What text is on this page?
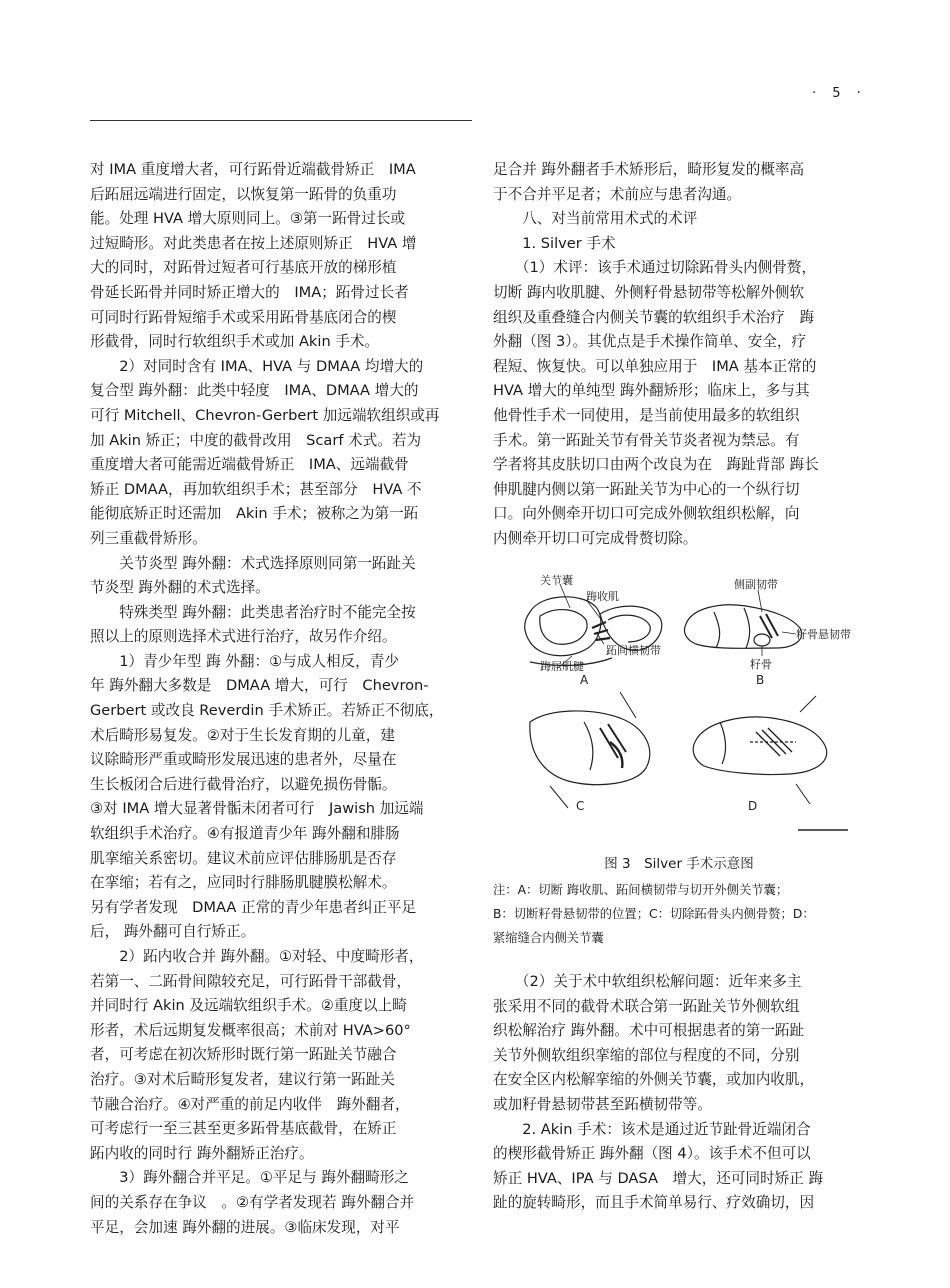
· 5 ·
对 IMA 重度增大者，可行跖骨近端截骨矫正　IMA
后跖屈远端进行固定，以恢复第一跖骨的负重功
能。处理 HVA 增大原则同上。③第一跖骨过长或
过短畸形。对此类患者在按上述原则矫正　HVA 增
大的同时，对跖骨过短者可行基底开放的梯形植
骨延长跖骨并同时矫正增大的　IMA；跖骨过长者
可同时行跖骨短缩手术或采用跖骨基底闭合的楔
形截骨，同时行软组织手术或加 Akin 手术。
　　2）对同时含有 IMA、HVA 与 DMAA 均增大的
复合型 踇外翻：此类中轻度　IMA、DMAA 增大的
可行 Mitchell、Chevron-Gerbert 加远端软组织或再
加 Akin 矫正；中度的截骨改用　Scarf 术式。若为
重度增大者可能需近端截骨矫正　IMA、远端截骨
矫正 DMAA，再加软组织手术；甚至部分　HVA 不
能彻底矫正时还需加　Akin 手术；被称之为第一跖
列三重截骨矫形。
　　关节炎型 踇外翻：术式选择原则同第一跖趾关
节炎型 踇外翻的术式选择。
　　特殊类型 踇外翻：此类患者治疗时不能完全按
照以上的原则选择术式进行治疗，故另作介绍。
　　1）青少年型 踇 外翻：①与成人相反，青少
年 踇外翻大多数是　DMAA 增大，可行　Chevron-
Gerbert 或改良 Reverdin 手术矫正。若矫正不彻底，
术后畸形易复发。②对于生长发育期的儿童，建
议除畸形严重或畸形发展迅速的患者外，尽量在
生长板闭合后进行截骨治疗，以避免损伤骨骺。
③对 IMA 增大显著骨骺未闭者可行　Jawish 加远端
软组织手术治疗。④有报道青少年 踇外翻和腓肠
肌挛缩关系密切。建议术前应评估腓肠肌是否存
在挛缩；若有之，应同时行腓肠肌腱膜松解术。
另有学者发现　DMAA 正常的青少年患者纠正平足
后， 踇外翻可自行矫正。
　　2）跖内收合并 踇外翻。①对轻、中度畸形者，
若第一、二跖骨间隙较充足，可行跖骨干部截骨，
并同时行 Akin 及远端软组织手术。②重度以上畸
形者，术后远期复发概率很高；术前对 HVA>60°
者，可考虑在初次矫形时既行第一跖趾关节融合
治疗。③对术后畸形复发者，建议行第一跖趾关
节融合治疗。④对严重的前足内收伴　踇外翻者，
可考虑行一至三甚至更多跖骨基底截骨，在矫正
跖内收的同时行 踇外翻矫正治疗。
　　3）踇外翻合并平足。①平足与 踇外翻畸形之
间的关系存在争议　。②有学者发现若 踇外翻合并
平足，会加速 踇外翻的进展。③临床发现，对平
足合并 踇外翻者手术矫形后，畸形复发的概率高
于不合并平足者；术前应与患者沟通。
　　八、对当前常用术式的术评
　　1. Silver 手术
　　（1）术评：该手术通过切除跖骨头内侧骨赘，
切断 踇内收肌腱、外侧籽骨悬韧带等松解外侧软
组织及重叠缝合内侧关节囊的软组织手术治疗　踇
外翻（图 3）。其优点是手术操作简单、安全，疗
程短、恢复快。可以单独应用于　IMA 基本正常的
HVA 增大的单纯型 踇外翻矫形；临床上，多与其
他骨性手术一同使用，是当前使用最多的软组织
手术。第一跖趾关节有骨关节炎者视为禁忌。有
学者将其皮肤切口由两个改良为在　踇趾背部 踇长
伸肌腱内侧以第一跖趾关节为中心的一个纵行切
口。向外侧牵开切口可完成外侧软组织松解，向
内侧牵开切口可完成骨赘切除。
关节囊
踇收肌
跖间横韧带
踇屈肌腱
A
侧副韧带
籽骨悬韧带
籽骨
B
C	D
图 3　Silver 手术示意图
注：A：切断 踇收肌、跖间横韧带与切开外侧关节囊；
B：切断籽骨悬韧带的位置；C：切除跖骨头内侧骨赘；D：
紧缩缝合内侧关节囊
　　（2）关于术中软组织松解问题：近年来多主
张采用不同的截骨术联合第一跖趾关节外侧软组
织松解治疗 踇外翻。术中可根据患者的第一跖趾
关节外侧软组织挛缩的部位与程度的不同，分别
在安全区内松解挛缩的外侧关节囊，或加内收肌，
或加籽骨悬韧带甚至跖横韧带等。
　　2. Akin 手术：该术是通过近节趾骨近端闭合
的楔形截骨矫正 踇外翻（图 4）。该手术不但可以
矫正 HVA、IPA 与 DASA　增大，还可同时矫正 踇
趾的旋转畸形，而且手术简单易行、疗效确切，因
